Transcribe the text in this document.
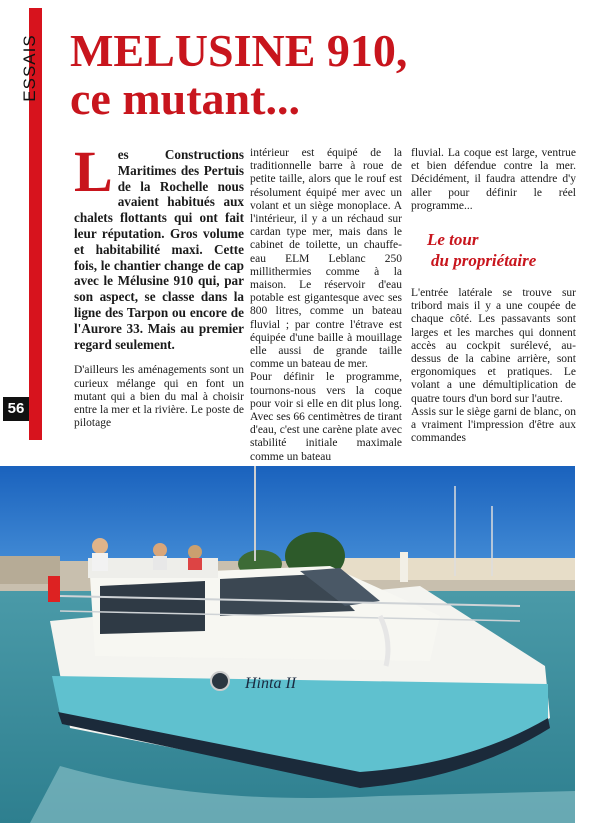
ESSAIS
56
MELUSINE 910,
ce mutant...
Les Constructions Maritimes des Pertuis de la Rochelle nous avaient habitués aux chalets flottants qui ont fait leur réputation. Gros volume et habitabilité maxi. Cette fois, le chantier change de cap avec le Mélusine 910 qui, par son aspect, se classe dans la ligne des Tarpon ou encore de l'Aurore 33. Mais au premier regard seulement.

D'ailleurs les aménagements sont un curieux mélange qui en font un mutant qui a bien du mal à choisir entre la mer et la rivière. Le poste de pilotage

intérieur est équipé de la traditionnelle barre à roue de petite taille, alors que le rouf est résolument équipé mer avec un volant et un siège monoplace. A l'intérieur, il y a un réchaud sur cardan type mer, mais dans le cabinet de toilette, un chauffe-eau ELM Leblanc 250 millithermies comme à la maison. Le réservoir d'eau potable est gigantesque avec ses 800 litres, comme un bateau fluvial ; par contre l'étrave est équipée d'une baille à mouillage elle aussi de grande taille comme un bateau de mer.

Pour définir le programme, tournons-nous vers la coque pour voir si elle en dit plus long. Avec ses 66 centimètres de tirant d'eau, c'est une carène plate avec stabilité initiale maximale comme un bateau

fluvial. La coque est large, ventrue et bien défendue contre la mer. Décidément, il faudra attendre d'y aller pour définir le réel programme...

Le tour
du propriétaire

L'entrée latérale se trouve sur tribord mais il y a une coupée de chaque côté. Les passavants sont larges et les marches qui donnent accès au cockpit surélevé, au-dessus de la cabine arrière, sont ergonomiques et pratiques. Le volant a une démultiplication de quatre tours d'un bord sur l'autre.

Assis sur le siège garni de blanc, on a vraiment l'impression d'être aux commandes

Hinta II
